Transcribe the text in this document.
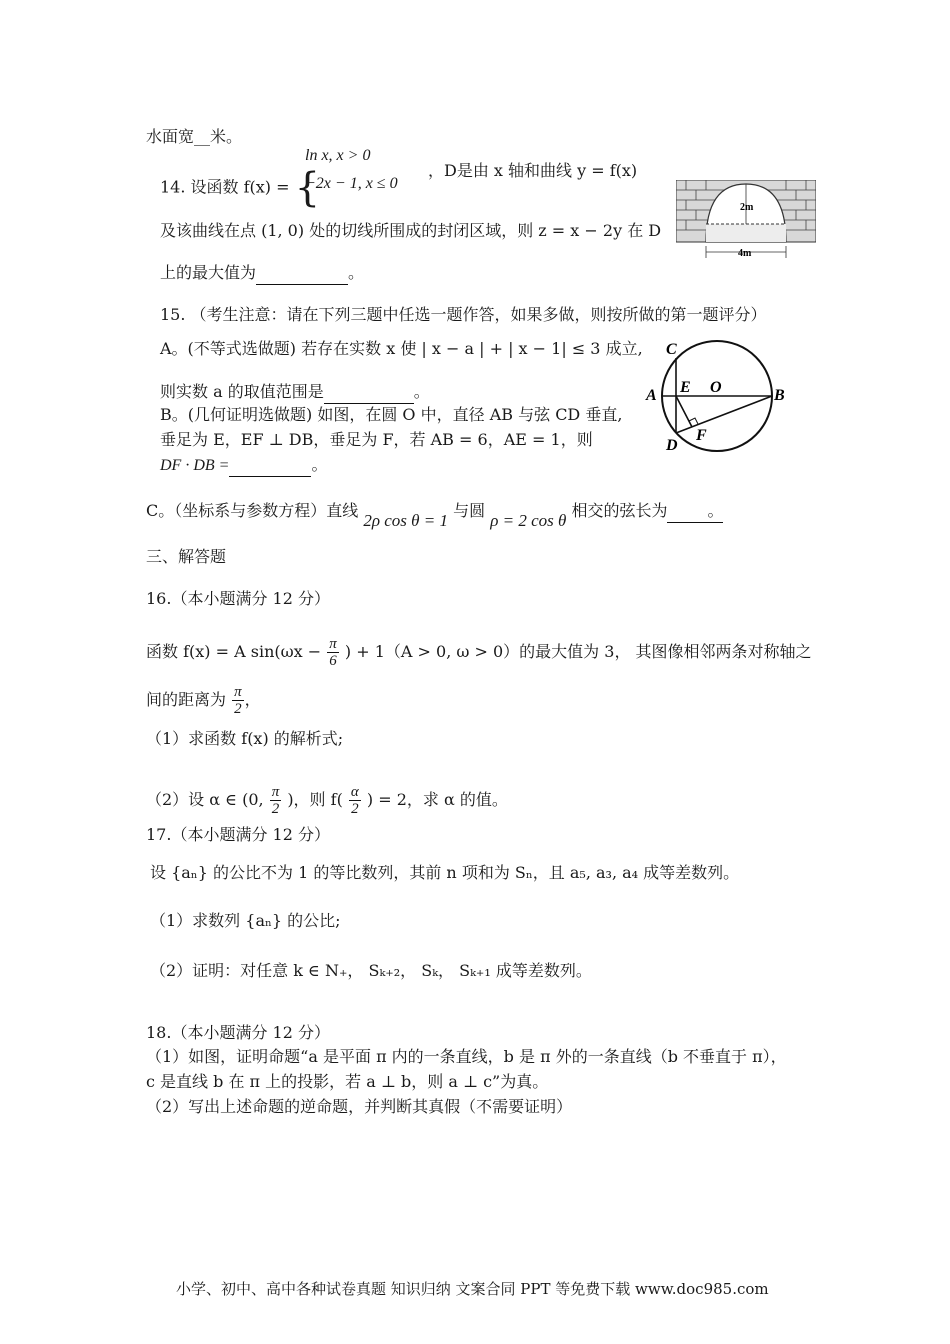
水面宽__米。
14. 设函数 f(x) = {
ln x, x > 0
−2x − 1, x ≤ 0
，D是由 x 轴和曲线 y = f(x)
及该曲线在点 (1, 0) 处的切线所围成的封闭区域，则 z = x − 2y 在 D
上的最大值为	。
2m
4m
15. （考生注意：请在下列三题中任选一题作答，如果多做，则按所做的第一题评分）
A。(不等式选做题) 若存在实数 x 使 | x − a | + | x − 1| ≤ 3 成立,
则实数 a 的取值范围是	。
B。(几何证明选做题) 如图，在圆 O 中，直径 AB 与弦 CD 垂直,
垂足为 E，EF ⊥ DB，垂足为 F，若 AB = 6，AE = 1，则
DF · DB =	。
C
A E O	B
D
F
C。（坐标系与参数方程）直线 2ρ cos θ = 1 与圆 ρ = 2 cos θ 相交的弦长为 。
三、解答题
16.（本小题满分 12 分）
函数 f(x) = A $\sin(\omega x - \frac{\pi}{6}$ ) + 1（A > 0, ω > 0）的最大值为 3， 其图像相邻两条对称轴之
间的距离为 $\frac{\pi}{2}$ ，
（1）求函数 f(x) 的解析式;
（2）设 α ∈ (0, $\frac{\pi}{2}$ )，则 $f( \frac{\alpha}{2}$ ) = 2，求 α 的值。
17.（本小题满分 12 分）
设 {aₙ} 的公比不为 1 的等比数列，其前 n 项和为 Sₙ，且 a₅, a₃, a₄ 成等差数列。
（1）求数列 {aₙ} 的公比;
（2）证明：对任意 k ∈ N₊， Sₖ₊₂， Sₖ， Sₖ₊₁ 成等差数列。
18.（本小题满分 12 分）
（1）如图，证明命题“a 是平面 π 内的一条直线，b 是 π 外的一条直线（b 不垂直于 π），
c 是直线 b 在 π 上的投影，若 a ⊥ b，则 a ⊥ c”为真。
（2）写出上述命题的逆命题，并判断其真假（不需要证明）
小学、初中、高中各种试卷真题 知识归纳 文案合同 PPT 等免费下载 www.doc985.com
